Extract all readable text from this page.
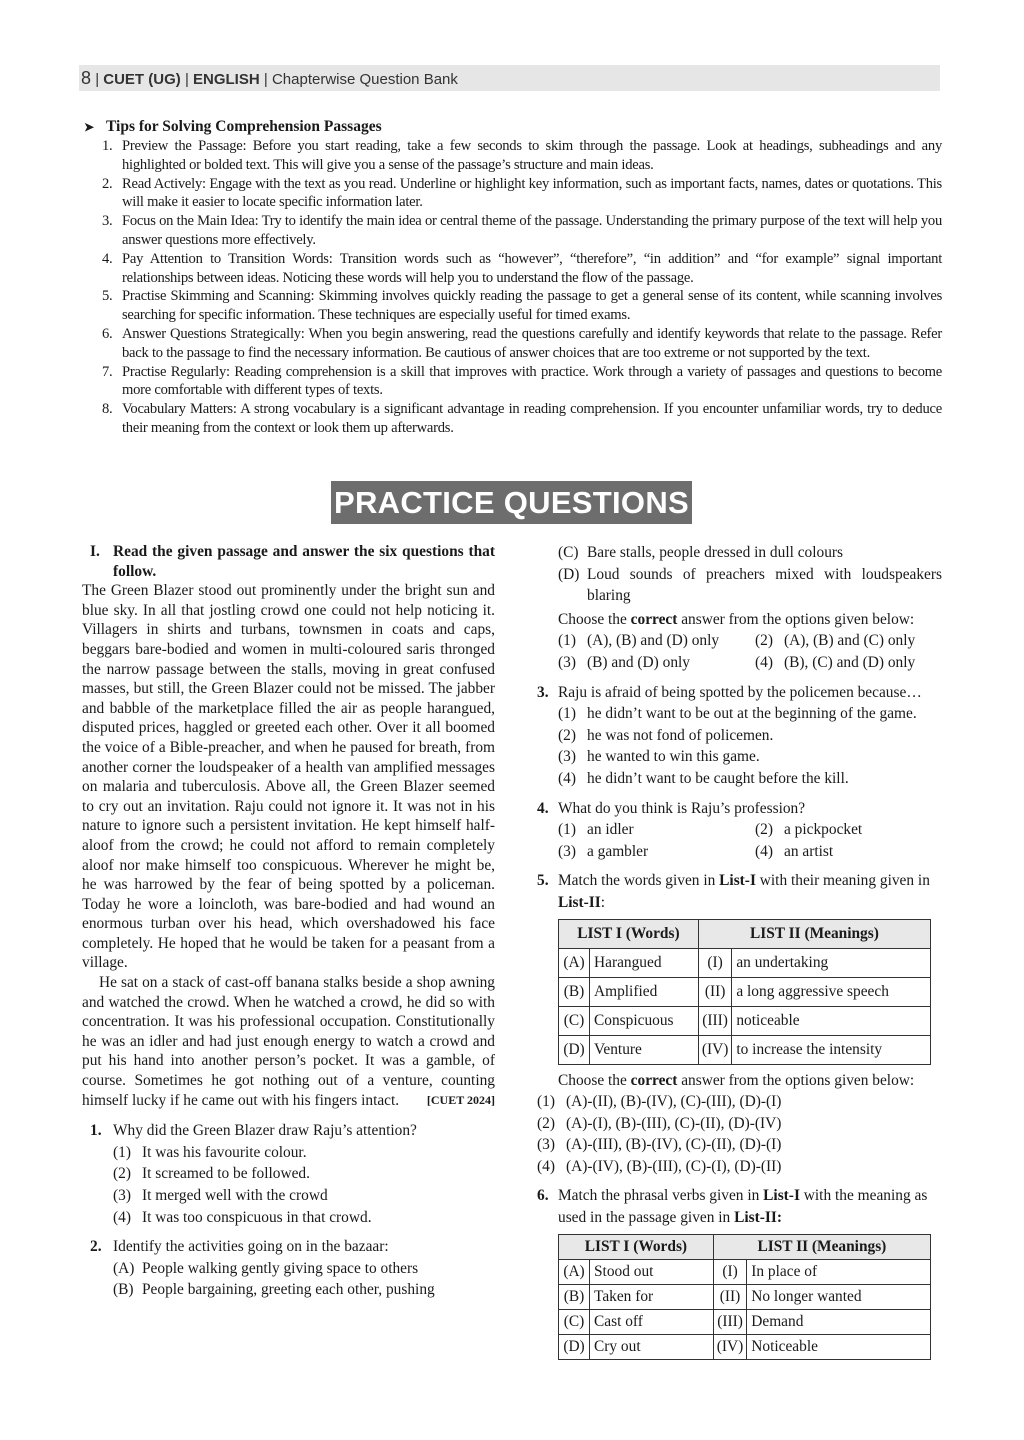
8 | CUET (UG) | ENGLISH | Chapterwise Question Bank
➤ Tips for Solving Comprehension Passages
1. Preview the Passage: Before you start reading, take a few seconds to skim through the passage. Look at headings, subheadings and any highlighted or bolded text. This will give you a sense of the passage’s structure and main ideas.
2. Read Actively: Engage with the text as you read. Underline or highlight key information, such as important facts, names, dates or quotations. This will make it easier to locate specific information later.
3. Focus on the Main Idea: Try to identify the main idea or central theme of the passage. Understanding the primary purpose of the text will help you answer questions more effectively.
4. Pay Attention to Transition Words: Transition words such as “however”, “therefore”, “in addition” and “for example” signal important relationships between ideas. Noticing these words will help you to understand the flow of the passage.
5. Practise Skimming and Scanning: Skimming involves quickly reading the passage to get a general sense of its content, while scanning involves searching for specific information. These techniques are especially useful for timed exams.
6. Answer Questions Strategically: When you begin answering, read the questions carefully and identify keywords that relate to the passage. Refer back to the passage to find the necessary information. Be cautious of answer choices that are too extreme or not supported by the text.
7. Practise Regularly: Reading comprehension is a skill that improves with practice. Work through a variety of passages and questions to become more comfortable with different types of texts.
8. Vocabulary Matters: A strong vocabulary is a significant advantage in reading comprehension. If you encounter unfamiliar words, try to deduce their meaning from the context or look them up afterwards.
PRACTICE QUESTIONS
I. Read the given passage and answer the six questions that follow.

The Green Blazer stood out prominently under the bright sun and blue sky. In all that jostling crowd one could not help noticing it. Villagers in shirts and turbans, townsmen in coats and caps, beggars bare-bodied and women in multi-coloured saris thronged the narrow passage between the stalls, moving in great confused masses, but still, the Green Blazer could not be missed. The jabber and babble of the marketplace filled the air as people harangued, disputed prices, haggled or greeted each other. Over it all boomed the voice of a Bible-preacher, and when he paused for breath, from another corner the loudspeaker of a health van amplified messages on malaria and tuberculosis. Above all, the Green Blazer seemed to cry out an invitation. Raju could not ignore it. It was not in his nature to ignore such a persistent invitation. He kept himself half-aloof from the crowd; he could not afford to remain completely aloof nor make himself too conspicuous. Wherever he might be, he was harrowed by the fear of being spotted by a policeman. Today he wore a loincloth, was bare-bodied and had wound an enormous turban over his head, which overshadowed his face completely. He hoped that he would be taken for a peasant from a village.

He sat on a stack of cast-off banana stalks beside a shop awning and watched the crowd. When he watched a crowd, he did so with concentration. It was his professional occupation. Constitutionally he was an idler and had just enough energy to watch a crowd and put his hand into another person’s pocket. It was a gamble, of course. Sometimes he got nothing out of a venture, counting himself lucky if he came out with his fingers intact.	[CUET 2024]

1. Why did the Green Blazer draw Raju’s attention?
(1) It was his favourite colour.
(2) It screamed to be followed.
(3) It merged well with the crowd
(4) It was too conspicuous in that crowd.
2. Identify the activities going on in the bazaar:
(A) People walking gently giving space to others
(B) People bargaining, greeting each other, pushing
(C) Bare stalls, people dressed in dull colours
(D) Loud sounds of preachers mixed with loudspeakers blaring
Choose the correct answer from the options given below:
(1) (A), (B) and (D) only	(2) (A), (B) and (C) only
(3) (B) and (D) only	(4) (B), (C) and (D) only
3. Raju is afraid of being spotted by the policemen because…
(1) he didn’t want to be out at the beginning of the game.
(2) he was not fond of policemen.
(3) he wanted to win this game.
(4) he didn’t want to be caught before the kill.
4. What do you think is Raju’s profession?
(1) an idler	(2) a pickpocket
(3) a gambler	(4) an artist
5. Match the words given in List-I with their meaning given in List-II:
LIST I (Words)		LIST II (Meanings)	
(A)	Harangued	(I)	an undertaking
(B)	Amplified	(II)	a long aggressive speech
(C)	Conspicuous	(III)	noticeable
(D)	Venture	(IV)	to increase the intensity
Choose the correct answer from the options given below:
(1) (A)-(II), (B)-(IV), (C)-(III), (D)-(I)
(2) (A)-(I), (B)-(III), (C)-(II), (D)-(IV)
(3) (A)-(III), (B)-(IV), (C)-(II), (D)-(I)
(4) (A)-(IV), (B)-(III), (C)-(I), (D)-(II)
6. Match the phrasal verbs given in List-I with the meaning as used in the passage given in List-II:
LIST I (Words)		LIST II (Meanings)	
(A)	Stood out	(I)	In place of
(B)	Taken for	(II)	No longer wanted
(C)	Cast off	(III)	Demand
(D)	Cry out	(IV)	Noticeable
